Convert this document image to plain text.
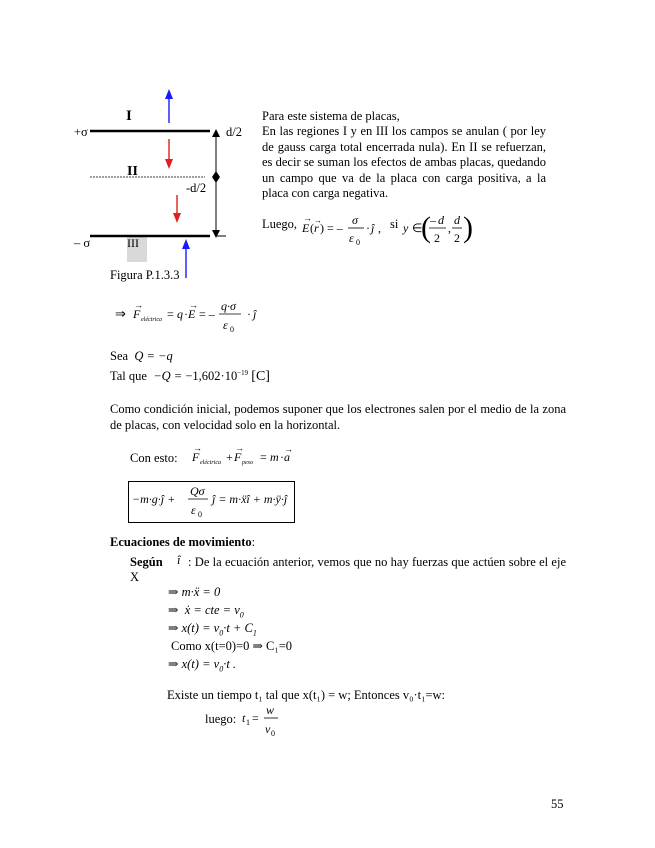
I
II
III
+σ
– σ
d/2
-d/2
Figura P.1.3.3
Para este sistema de placas,
En las regiones I y en III los campos se anulan ( por ley de gauss carga total encerrada nula). En II se refuerzan, es decir se suman los efectos de ambas placas, quedando un campo que va de la placa con carga positiva, a la placa con carga negativa.
Luego, E
→
( r
→
) = –
σ
ε 0
· ĵ , y ∈
( – d
2
,
d
2 )
si
⇒ F
→
eléctrica = q · E
→
= –
q·σ
ε 0
· ĵ
Sea  Q = −q
Tal que  $-Q = -1,602\cdot 10^{-19}$ [C]
Como condición inicial, podemos suponer que los electrones salen por el medio de la zona de placas, con velocidad solo en la horizontal.
Con esto: F
→
eléctrica + F
→
peso = m · a
→
−m·g·ĵ +
Qσ
ε 0
ĵ = m·ẍî + m·ÿ·ĵ
Ecuaciones de movimiento:
Según î : De la ecuación anterior, vemos que no hay fuerzas que actúen sobre el eje X
⇒ m·ẍ = 0
⇒  ẋ = cte = $v_0$
⇒ $x(t) = v_0\cdot t + C_1$
Como x(t=0)=0 ⇒ C₁=0
⇒ $x(t) = v_0\cdot t$ .
Existe un tiempo t₁ tal que x(t₁) = w; Entonces v₀·t₁=w:
luego: t 1 =
w
v 0
55
